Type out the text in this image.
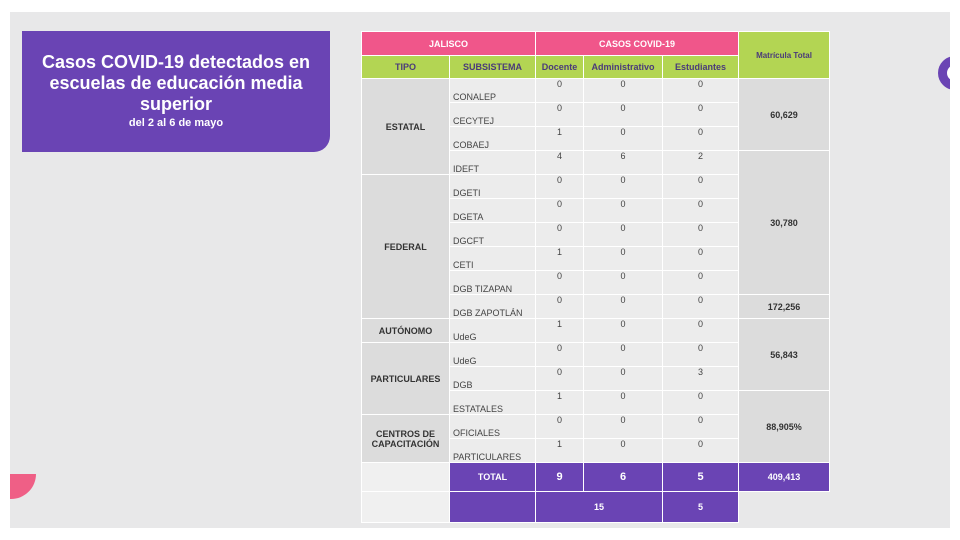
Casos COVID-19 detectados en escuelas de educación media superior
del 2 al 6 de mayo
JALISCO		CASOS COVID-19			Matrícula Total
TIPO	SUBSISTEMA	Docente	Administrativo	Estudiantes	
ESTATAL	CONALEP	0	0	0	60,629
	CECYTEJ	0	0	0	
	COBAEJ	1	0	0	
	IDEFT	4	6	2	30,780
FEDERAL	DGETI	0	0	0	
	DGETA	0	0	0	
	DGCFT	0	0	0	
	CETI	1	0	0	
	DGB TIZAPAN	0	0	0	
	DGB ZAPOTLÁN	0	0	0	172,256
AUTÓNOMO	UdeG	1	0	0	56,843
PARTICULARES	UdeG	0	0	0	
	DGB	0	0	3	
	ESTATALES	1	0	0	88,905%
CENTROS DE CAPACITACIÓN	OFICIALES	0	0	0	
	PARTICULARES	1	0	0	
	TOTAL	9	6	5	409,413
		15		5	
